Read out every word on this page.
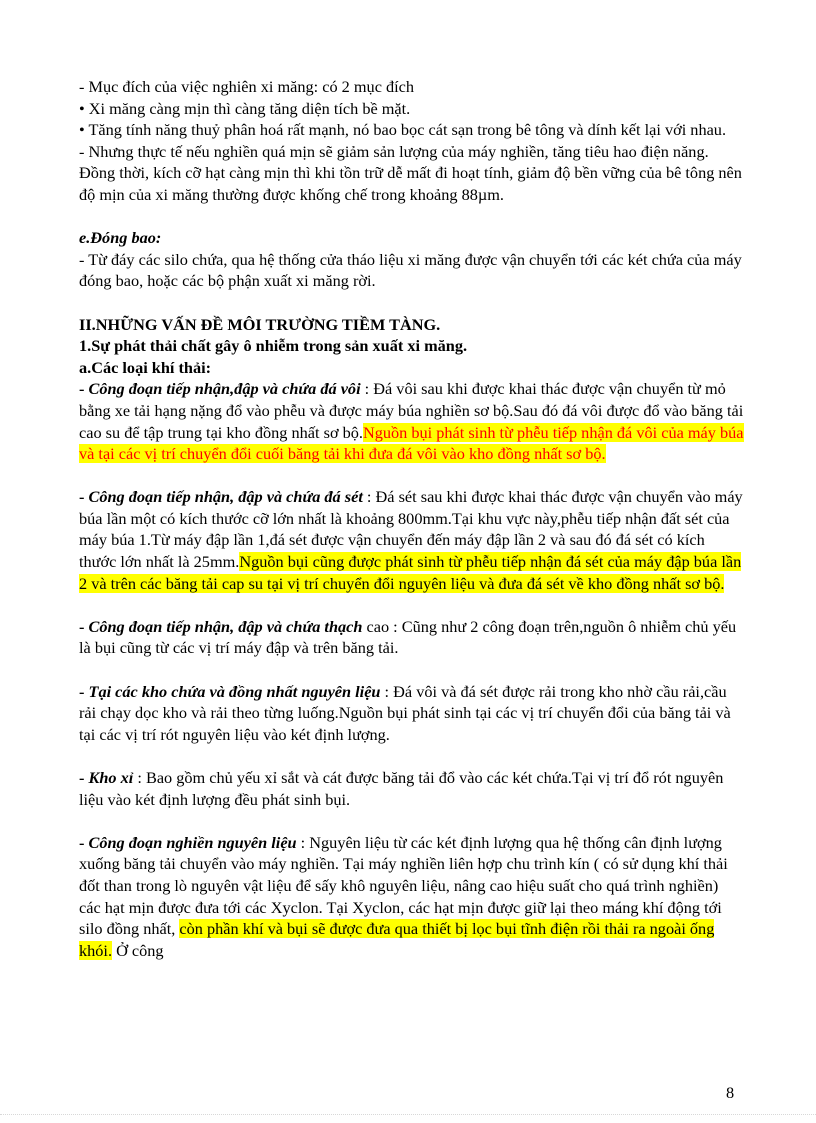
- Mục đích của việc nghiên xi măng: có 2 mục đích

• Xi măng càng mịn thì càng tăng diện tích bề mặt.

• Tăng tính năng thuỷ phân hoá rất mạnh, nó bao bọc cát sạn trong bê tông và dính kết lại với nhau.

- Nhưng thực tế nếu nghiền quá mịn sẽ giảm sản lượng của máy nghiền, tăng tiêu hao điện năng. Đồng thời, kích cỡ hạt càng mịn thì khi tồn trữ dễ mất đi hoạt tính, giảm độ bền vững của bê tông nên độ mịn của xi măng thường được khống chế trong khoảng 88µm.

e.Đóng bao:

- Từ đáy các silo chứa, qua hệ thống cửa tháo liệu xi măng được vận chuyển tới các két chứa của máy đóng bao, hoặc các bộ phận xuất xi măng rời.

II.NHỮNG VẤN ĐỀ MÔI TRƯỜNG TIỀM TÀNG.

1.Sự phát thải chất gây ô nhiễm trong sản xuất xi măng.

a.Các loại khí thải:

- Công đoạn tiếp nhận,đập và chứa đá vôi : Đá vôi sau khi được khai thác được vận chuyển từ mỏ bằng xe tải hạng nặng đổ vào phễu và được máy búa nghiền sơ bộ.Sau đó đá vôi được đổ vào băng tải cao su để tập trung tại kho đồng nhất sơ bộ.Nguồn bụi phát sinh từ phễu tiếp nhận đá vôi của máy búa và tại các vị trí chuyển đổi cuối băng tải khi đưa đá vôi vào kho đồng nhất sơ bộ.

- Công đoạn tiếp nhận, đập và chứa đá sét : Đá sét sau khi được khai thác được vận chuyển vào máy búa lần một có kích thước cỡ lớn nhất là khoảng 800mm.Tại khu vực này,phễu tiếp nhận đất sét của máy búa 1.Từ máy đập lần 1,đá sét được vận chuyển đến máy đập lần 2 và sau đó đá sét có kích thước lớn nhất là 25mm.Nguồn bụi cũng được phát sinh từ phễu tiếp nhận đá sét của máy đập búa lần 2 và trên các băng tải cap su tại vị trí chuyển đổi nguyên liệu và đưa đá sét về kho đồng nhất sơ bộ.

- Công đoạn tiếp nhận, đập và chứa thạch cao : Cũng như 2 công đoạn trên,nguồn ô nhiễm chủ yếu là bụi cũng từ các vị trí máy đập và trên băng tải.

- Tại các kho chứa và đồng nhất nguyên liệu : Đá vôi và đá sét được rải trong kho nhờ cầu rải,cầu rải chạy dọc kho và rải theo từng luống.Nguồn bụi phát sinh tại các vị trí chuyển đổi của băng tải và tại các vị trí rót nguyên liệu vào két định lượng.

- Kho xỉ : Bao gồm chủ yếu xỉ sắt và cát được băng tải đổ vào các két chứa.Tại vị trí đổ rót nguyên liệu vào két định lượng đều phát sinh bụi.

- Công đoạn nghiền nguyên liệu : Nguyên liệu từ các két định lượng qua hệ thống cân định lượng xuống băng tải chuyển vào máy nghiền. Tại máy nghiền liên hợp chu trình kín ( có sử dụng khí thải đốt than trong lò nguyên vật liệu để sấy khô nguyên liệu, nâng cao hiệu suất cho quá trình nghiền) các hạt mịn được đưa tới các Xyclon. Tại Xyclon, các hạt mịn được giữ lại theo máng khí động tới silo đồng nhất, còn phần khí và bụi sẽ được đưa qua thiết bị lọc bụi tĩnh điện rồi thải ra ngoài ống khói. Ở công

8
